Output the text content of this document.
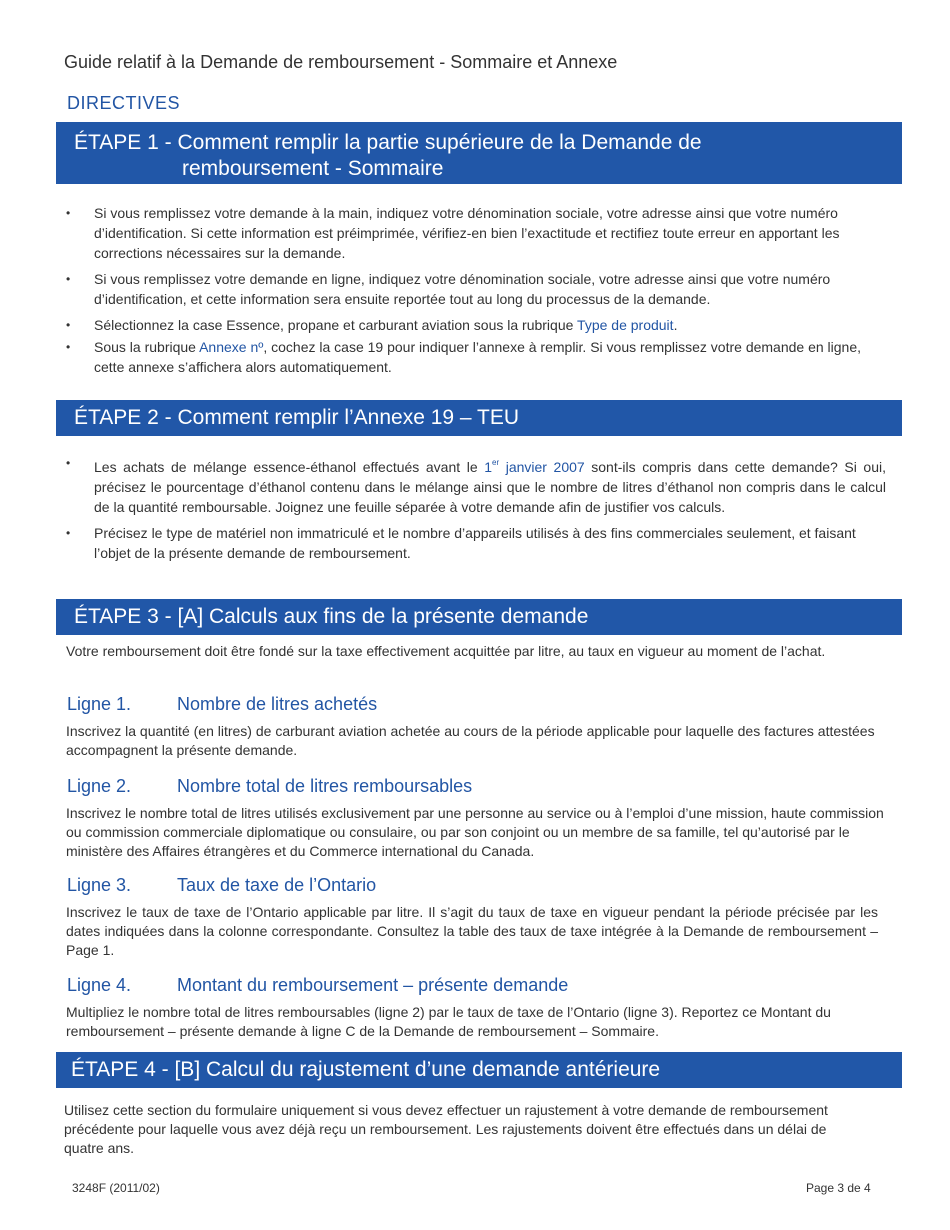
Guide relatif à la Demande de remboursement - Sommaire et Annexe
DIRECTIVES
ÉTAPE 1 - Comment remplir la partie supérieure de la Demande de
remboursement - Sommaire
• Si vous remplissez votre demande à la main, indiquez votre dénomination sociale, votre adresse ainsi que votre numéro d’identification. Si cette information est préimprimée, vérifiez-en bien l’exactitude et rectifiez toute erreur en apportant les corrections nécessaires sur la demande.
• Si vous remplissez votre demande en ligne, indiquez votre dénomination sociale, votre adresse ainsi que votre numéro d’identification, et cette information sera ensuite reportée tout au long du processus de la demande.
• Sélectionnez la case Essence, propane et carburant aviation sous la rubrique Type de produit.
• Sous la rubrique Annexe nº, cochez la case 19 pour indiquer l’annexe à remplir. Si vous remplissez votre demande en ligne, cette annexe s’affichera alors automatiquement.
ÉTAPE 2 - Comment remplir l’Annexe 19 – TEU
• Les achats de mélange essence-éthanol effectués avant le 1er janvier 2007 sont-ils compris dans cette demande? Si oui, précisez le pourcentage d’éthanol contenu dans le mélange ainsi que le nombre de litres d’éthanol non compris dans le calcul de la quantité remboursable. Joignez une feuille séparée à votre demande afin de justifier vos calculs.
• Précisez le type de matériel non immatriculé et le nombre d’appareils utilisés à des fins commerciales seulement, et faisant l’objet de la présente demande de remboursement.
ÉTAPE 3 - [A] Calculs aux fins de la présente demande

Votre remboursement doit être fondé sur la taxe effectivement acquittée par litre, au taux en vigueur au moment de l’achat.

Ligne 1.	Nombre de litres achetés

Inscrivez la quantité (en litres) de carburant aviation achetée au cours de la période applicable pour laquelle des factures attestées accompagnent la présente demande.

Ligne 2.	Nombre total de litres remboursables

Inscrivez le nombre total de litres utilisés exclusivement par une personne au service ou à l’emploi d’une mission, haute commission ou commission commerciale diplomatique ou consulaire, ou par son conjoint ou un membre de sa famille, tel qu’autorisé par le ministère des Affaires étrangères et du Commerce international du Canada.

Ligne 3.	Taux de taxe de l’Ontario

Inscrivez le taux de taxe de l’Ontario applicable par litre. Il s’agit du taux de taxe en vigueur pendant la période précisée par les dates indiquées dans la colonne correspondante. Consultez la table des taux de taxe intégrée à la Demande de remboursement – Page 1.

Ligne 4.	Montant du remboursement – présente demande

Multipliez le nombre total de litres remboursables (ligne 2) par le taux de taxe de l’Ontario (ligne 3). Reportez ce Montant du remboursement – présente demande à ligne C de la Demande de remboursement – Sommaire.

ÉTAPE 4 - [B] Calcul du rajustement d’une demande antérieure

Utilisez cette section du formulaire uniquement si vous devez effectuer un rajustement à votre demande de remboursement précédente pour laquelle vous avez déjà reçu un remboursement. Les rajustements doivent être effectués dans un délai de quatre ans.

3248F (2011/02)	Page 3 de 4
